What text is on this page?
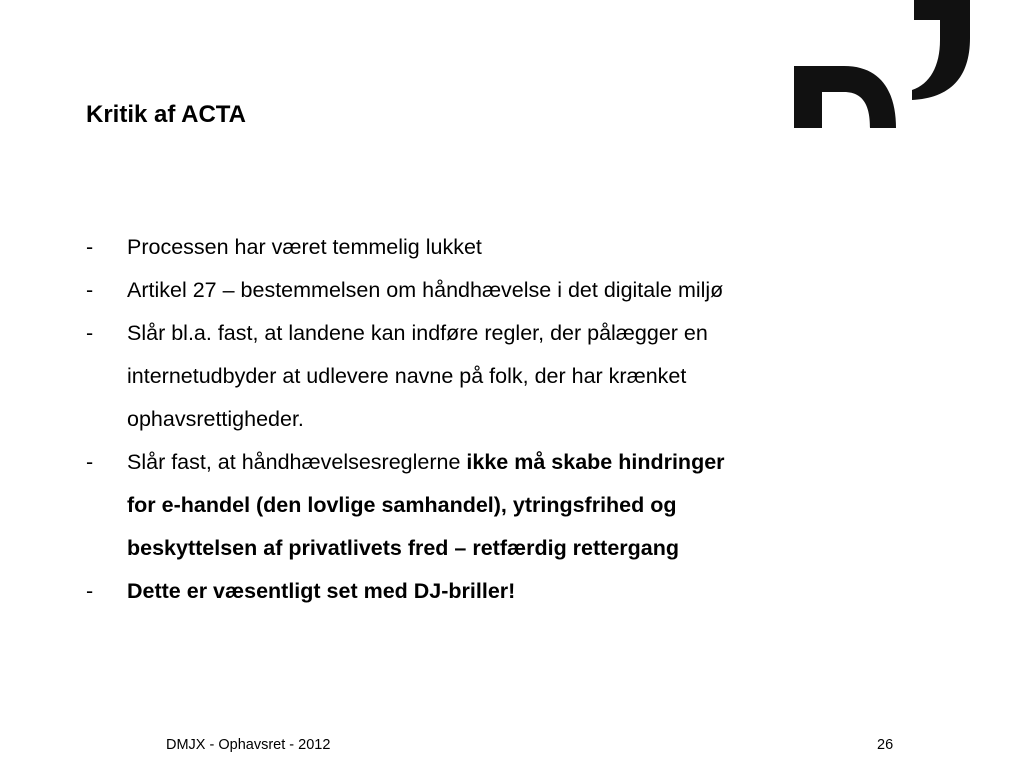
Kritik af ACTA
-	Processen har været temmelig lukket
-	Artikel 27 – bestemmelsen om håndhævelse i det digitale miljø
-	Slår bl.a. fast, at landene kan indføre regler, der pålægger en internetudbyder at udlevere navne på folk, der har krænket ophavsrettigheder.
-	Slår fast, at håndhævelsesreglerne ikke må skabe hindringer for e-handel (den lovlige samhandel), ytringsfrihed og beskyttelsen af privatlivets fred – retfærdig rettergang
-	Dette er væsentligt set med DJ-briller!
DMJX - Ophavsret - 2012	26
